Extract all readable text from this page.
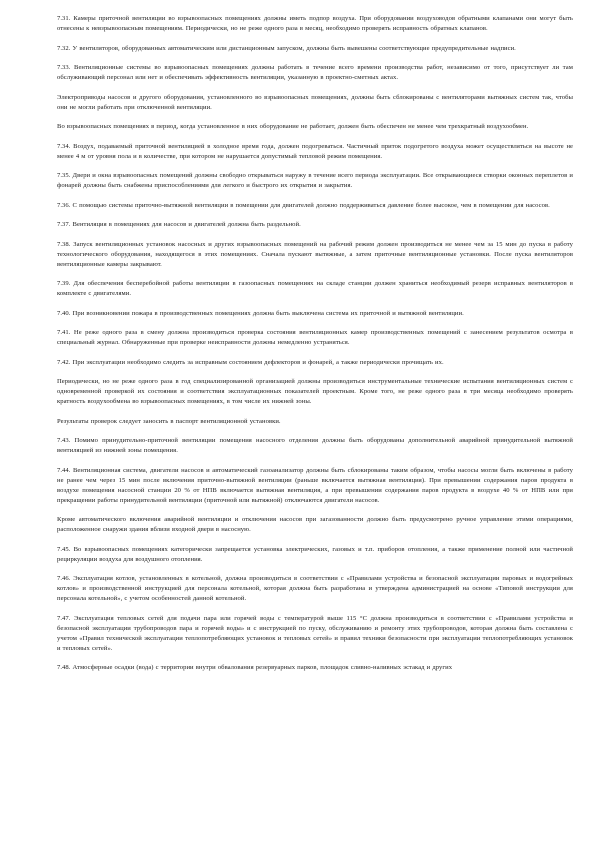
7.31. Камеры приточной вентиляции во взрывоопасных помещениях должны иметь подпор воздуха. При оборудовании воздуховодов обратными клапанами они могут быть отнесены к невзрывоопасным помещениям. Периодически, но не реже одного раза в месяц, необходимо проверять исправность обратных клапанов.

7.32. У вентиляторов, оборудованных автоматическим или дистанционным запуском, должны быть вывешены соответствующие предупредительные надписи.

7.33. Вентиляционные системы во взрывоопасных помещениях должны работать в течение всего времени производства работ, независимо от того, присутствует ли там обслуживающий персонал или нет и обеспечивать эффективность вентиляции, указанную в проектно-сметных актах.

Электроприводы насосов и другого оборудования, установленного во взрывоопасных помещениях, должны быть сблокированы с вентиляторами вытяжных систем так, чтобы они не могли работать при отключенной вентиляции.

Во взрывоопасных помещениях в период, когда установленное в них оборудование не работает, должен быть обеспечен не менее чем трехкратный воздухообмен.

7.34. Воздух, подаваемый приточной вентиляцией в холодное время года, должен подогреваться. Частичный приток подогретого воздуха может осуществляться на высоте не менее 4 м от уровня пола и в количестве, при котором не нарушается допустимый тепловой режим помещения.

7.35. Двери и окна взрывоопасных помещений должны свободно открываться наружу в течение всего периода эксплуатации. Все открывающиеся створки оконных переплетов и фонарей должны быть снабжены приспособлениями для легкого и быстрого их открытия и закрытия.

7.36. С помощью системы приточно-вытяжной вентиляции в помещении для двигателей должно поддерживаться давление более высокое, чем в помещении для насосов.

7.37. Вентиляция в помещениях для насосов и двигателей должна быть раздельной.

7.38. Запуск вентиляционных установок насосных и других взрывоопасных помещений на рабочий режим должен производиться не менее чем за 15 мин до пуска в работу технологического оборудования, находящегося в этих помещениях. Сначала пускают вытяжные, а затем приточные вентиляционные установки. После пуска вентиляторов вентиляционные камеры закрывают.

7.39. Для обеспечения бесперебойной работы вентиляции в газоопасных помещениях на складе станции должен храниться необходимый резерв исправных вентиляторов в комплекте с двигателями.

7.40. При возникновении пожара в производственных помещениях должна быть выключена система их приточной и вытяжной вентиляции.

7.41. Не реже одного раза в смену должна производиться проверка состояния вентиляционных камер производственных помещений с занесением результатов осмотра в специальный журнал. Обнаруженные при проверке неисправности должны немедленно устраняться.

7.42. При эксплуатации необходимо следить за исправным состоянием дефлекторов и фонарей, а также периодически прочищать их.

Периодически, но не реже одного раза в год специализированной организацией должны производиться инструментальные технические испытания вентиляционных систем с одновременной проверкой их состояния и соответствия эксплуатационных показателей проектным. Кроме того, не реже одного раза в три месяца необходимо проверять кратность воздухообмена во взрывоопасных помещениях, в том числе их нижней зоны.

Результаты проверок следует заносить в паспорт вентиляционной установки.

7.43. Помимо принудительно-приточной вентиляции помещения насосного отделения должны быть оборудованы дополнительной аварийной принудительной вытяжной вентиляцией из нижней зоны помещения.

7.44. Вентиляционная система, двигатели насосов и автоматический газоанализатор должны быть сблокированы таким образом, чтобы насосы могли быть включены в работу не ранее чем через 15 мин после включения приточно-вытяжной вентиляции (раньше включается вытяжная вентиляция). При превышении содержания паров продукта в воздухе помещения насосной станции 20 % от НПВ включается вытяжная вентиляция, а при превышении содержания паров продукта в воздухе 40 % от НПВ или при прекращении работы принудительной вентиляции (приточной или вытяжной) отключаются двигатели насосов.

Кроме автоматического включения аварийной вентиляции и отключения насосов при загазованности должно быть предусмотрено ручное управление этими операциями, расположенное снаружи здания вблизи входной двери в насосную.

7.45. Во взрывоопасных помещениях категорически запрещается установка электрических, газовых и т.п. приборов отопления, а также применение полной или частичной рециркуляции воздуха для воздушного отопления.

7.46. Эксплуатация котлов, установленных в котельной, должна производиться в соответствии с «Правилами устройства и безопасной эксплуатации паровых и водогрейных котлов» и производственной инструкцией для персонала котельной, которая должна быть разработана и утверждена администрацией на основе «Типовой инструкции для персонала котельной», с учетом особенностей данной котельной.

7.47. Эксплуатация тепловых сетей для подачи пара или горячей воды с температурой выше 115 °С должна производиться в соответствии с «Правилами устройства и безопасной эксплуатации трубопроводов пара и горячей воды» и с инструкцией по пуску, обслуживанию и ремонту этих трубопроводов, которая должна быть составлена с учетом «Правил технической эксплуатации теплопотребляющих установок и тепловых сетей» и правил техники безопасности при эксплуатации теплопотребляющих установок и тепловых сетей».

7.48. Атмосферные осадки (вода) с территории внутри обвалования резервуарных парков, площадок сливно-наливных эстакад и других
